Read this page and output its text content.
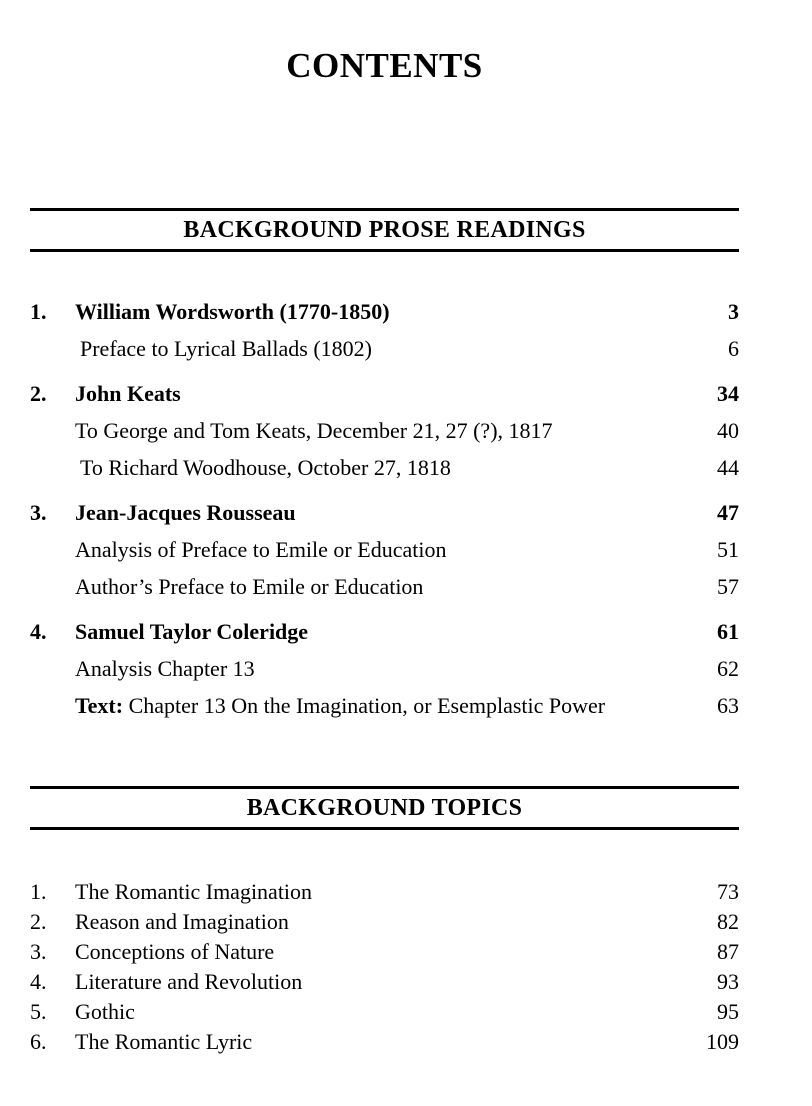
CONTENTS
BACKGROUND PROSE READINGS
1.	William Wordsworth (1770-1850)	3
Preface to Lyrical Ballads (1802)	6
2.	John Keats	34
To George and Tom Keats, December 21, 27 (?), 1817	40
To Richard Woodhouse, October 27, 1818	44
3.	Jean-Jacques Rousseau	47
Analysis of Preface to Emile or Education	51
Author’s Preface to Emile or Education	57
4.	Samuel Taylor Coleridge	61
Analysis Chapter 13	62
Text: Chapter 13 On the Imagination, or Esemplastic Power	63
BACKGROUND TOPICS
1.	The Romantic Imagination	73
2.	Reason and Imagination	82
3.	Conceptions of Nature	87
4.	Literature and Revolution	93
5.	Gothic	95
6.	The Romantic Lyric	109
